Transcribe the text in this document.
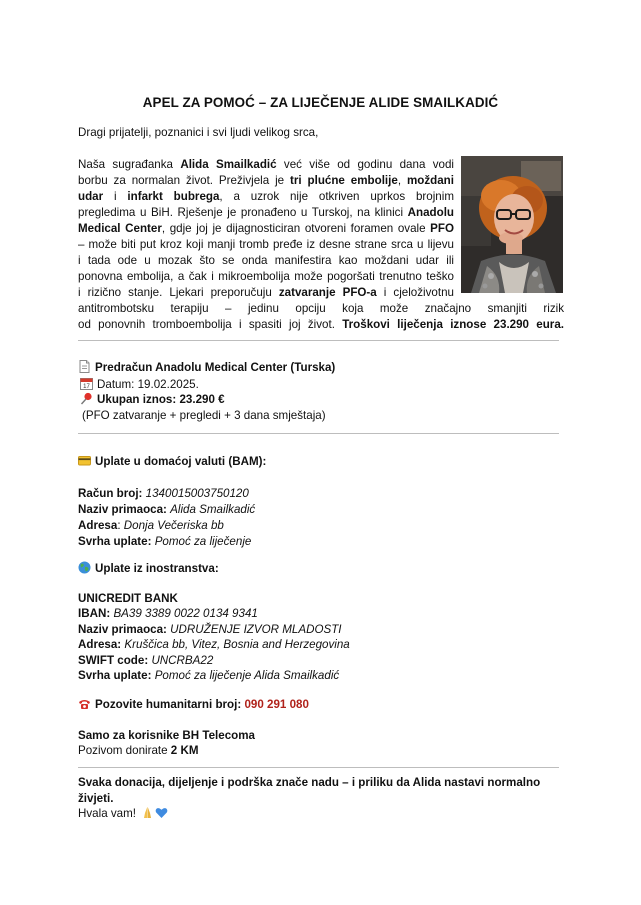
APEL ZA POMOĆ – ZA LIJEČENJE ALIDE SMAILKADIĆ
Dragi prijatelji, poznanici i svi ljudi velikog srca,
Naša sugrađanka Alida Smailkadić već više od godinu dana vodi
borbu za normalan život. Preživjela je tri plućne embolije, moždani
udar i infarkt bubrega, a uzrok nije otkriven uprkos brojnim
pregledima u BiH. Rješenje je pronađeno u Turskoj, na klinici Anadolu
Medical Center, gdje joj je dijagnosticiran otvoreni foramen ovale PFO
– može biti put kroz koji manji tromb pređe iz desne strane srca u lijevu
i tada ode u mozak što se onda manifestira kao moždani udar ili
ponovna embolija, a čak i mikroembolija može pogoršati trenutno teško
i rizično stanje. Ljekari preporučuju zatvaranje PFO-a i cjeloživotnu
antitrombotsku terapiju – jedinu opciju koja može značajno smanjiti rizik
od ponovnih tromboembolija i spasiti joj život. Troškovi liječenja iznose 23.290 eura.
Predračun Anadolu Medical Center (Turska)
17 Datum: 19.02.2025.
Ukupan iznos: 23.290 €
(PFO zatvaranje + pregledi + 3 dana smještaja)
Uplate u domaćoj valuti (BAM):
Račun broj: 1340015003750120
Naziv primaoca: Alida Smailkadić
Adresa: Donja Večeriska bb
Svrha uplate: Pomoć za liječenje
Uplate iz inostranstva:
UNICREDIT BANK
IBAN: BA39 3389 0022 0134 9341
Naziv primaoca: UDRUŽENJE IZVOR MLADOSTI
Adresa: Kruščica bb, Vitez, Bosnia and Herzegovina
SWIFT code: UNCRBA22
Svrha uplate: Pomoć za liječenje Alida Smailkadić
Pozovite humanitarni broj: 090 291 080
Samo za korisnike BH Telecoma
Pozivom donirate 2 KM
Svaka donacija, dijeljenje i podrška znače nadu – i priliku da Alida nastavi normalno
živjeti.
Hvala vam!
